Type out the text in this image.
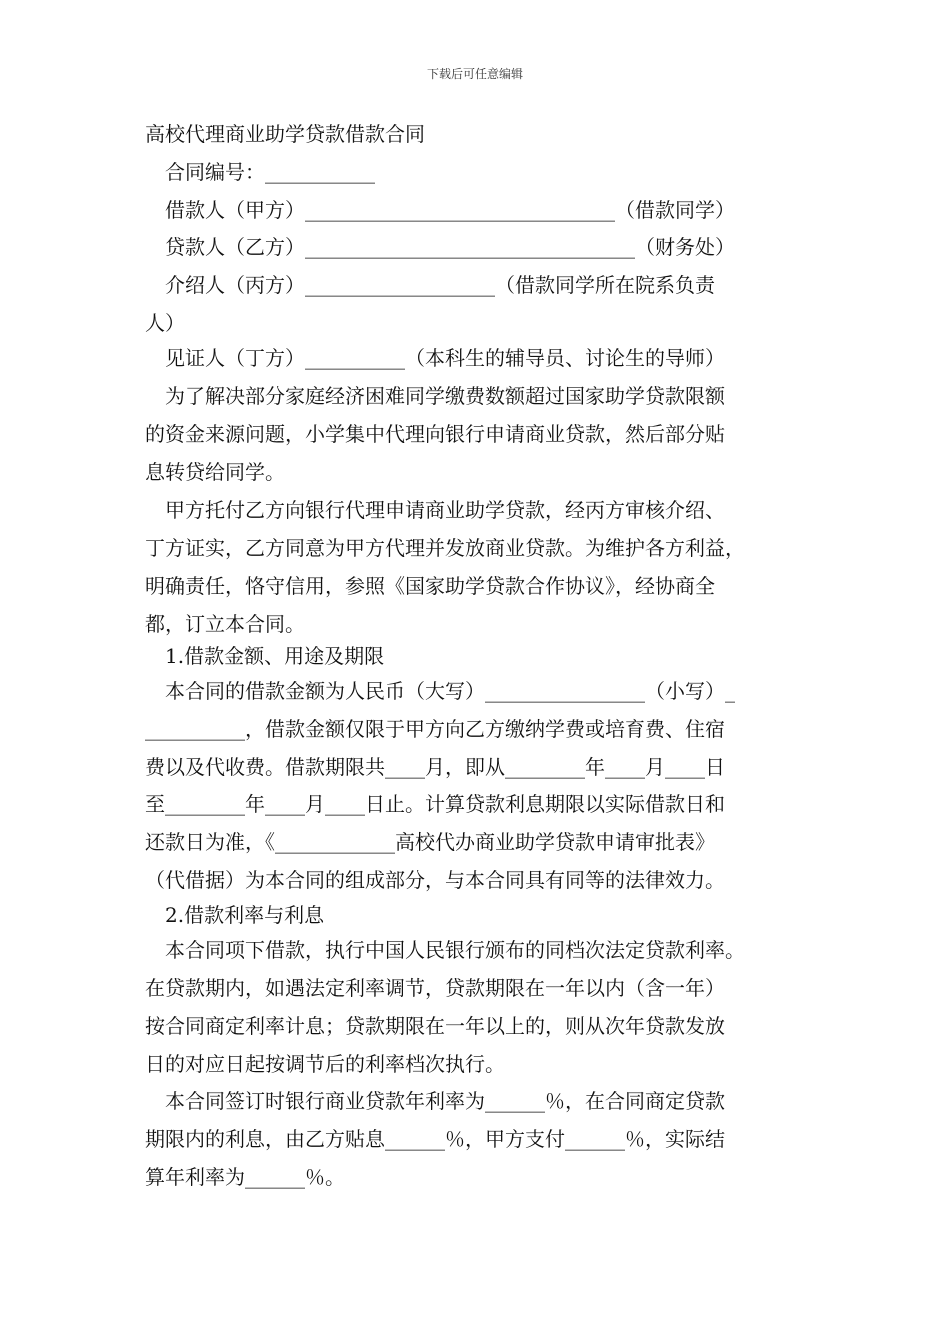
下载后可任意编辑
高校代理商业助学贷款借款合同
合同编号：___________
借款人（甲方）_______________________________（借款同学）
贷款人（乙方）_________________________________（财务处）
介绍人（丙方）___________________（借款同学所在院系负责
人）
见证人（丁方）__________（本科生的辅导员、讨论生的导师）
为了解决部分家庭经济困难同学缴费数额超过国家助学贷款限额
的资金来源问题，小学集中代理向银行申请商业贷款，然后部分贴
息转贷给同学。
甲方托付乙方向银行代理申请商业助学贷款，经丙方审核介绍、
丁方证实，乙方同意为甲方代理并发放商业贷款。为维护各方利益，
明确责任，恪守信用，参照《国家助学贷款合作协议》，经协商全
都，订立本合同。
1.借款金额、用途及期限
本合同的借款金额为人民币（大写）________________（小写）_
__________，借款金额仅限于甲方向乙方缴纳学费或培育费、住宿
费以及代收费。借款期限共____月，即从________年____月____日
至________年____月____日止。计算贷款利息期限以实际借款日和
还款日为准，《____________高校代办商业助学贷款申请审批表》
（代借据）为本合同的组成部分，与本合同具有同等的法律效力。
2.借款利率与利息
本合同项下借款，执行中国人民银行颁布的同档次法定贷款利率。
在贷款期内，如遇法定利率调节，贷款期限在一年以内（含一年）
按合同商定利率计息；贷款期限在一年以上的，则从次年贷款发放
日的对应日起按调节后的利率档次执行。
本合同签订时银行商业贷款年利率为______％，在合同商定贷款
期限内的利息，由乙方贴息______％，甲方支付______％，实际结
算年利率为______％。
